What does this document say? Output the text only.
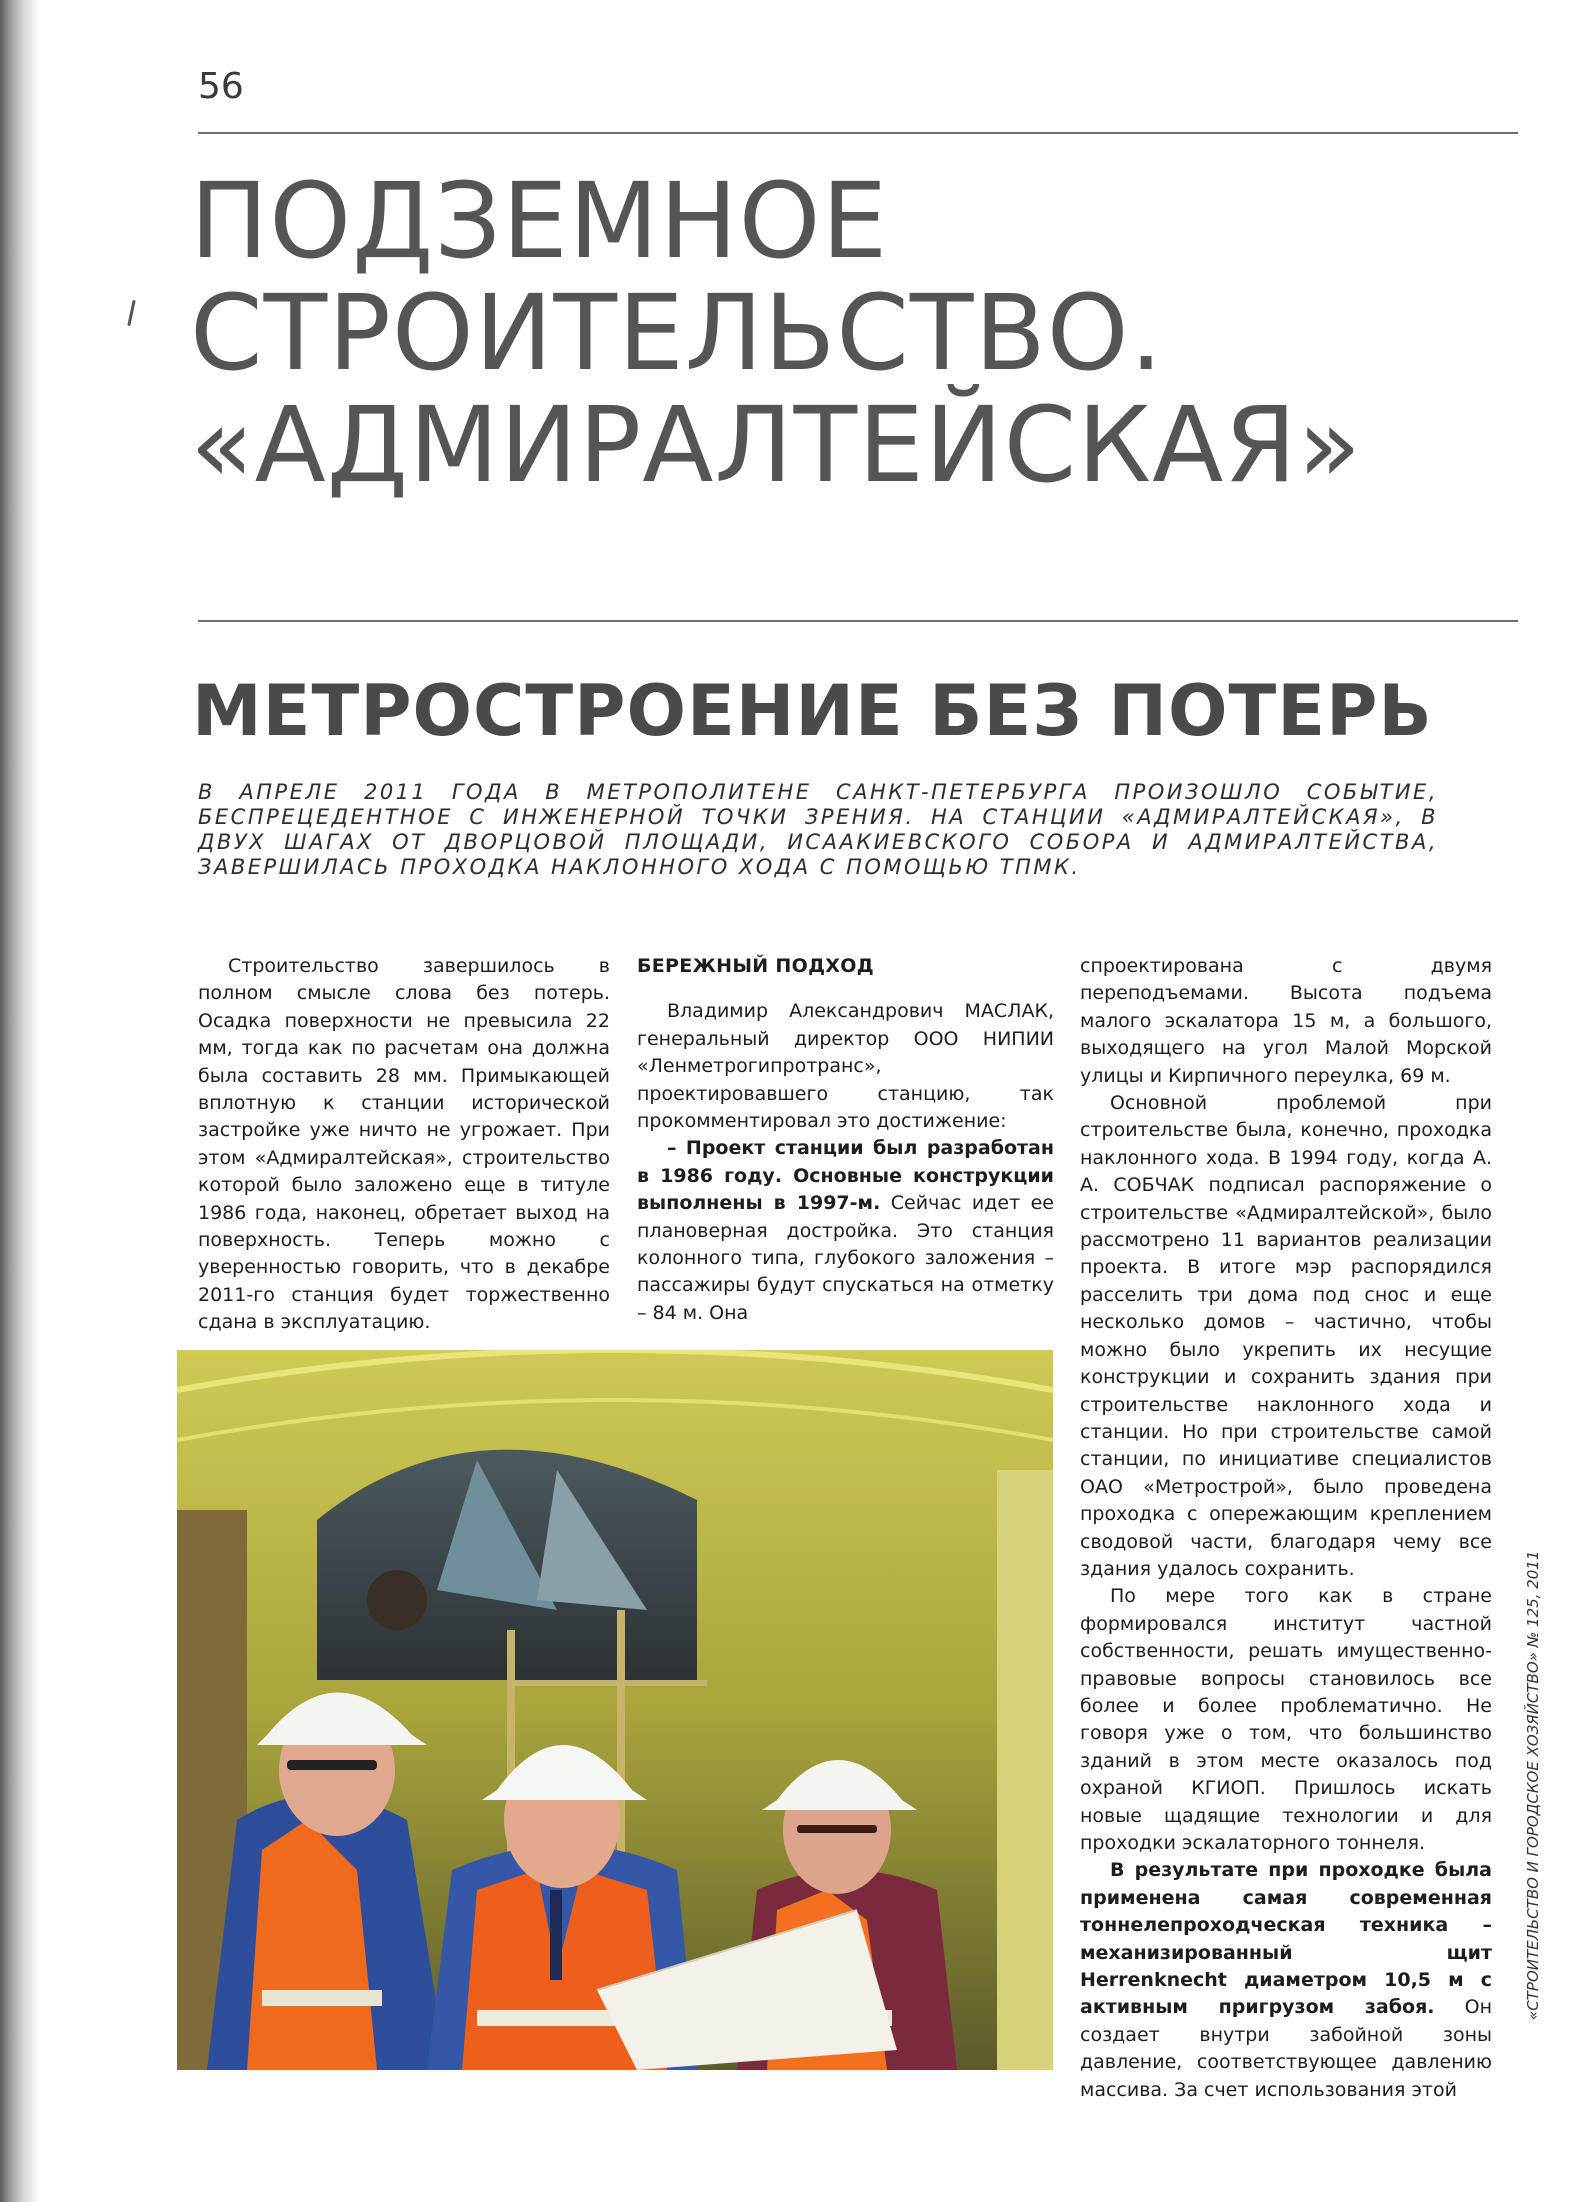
56
ПОДЗЕМНОЕ
СТРОИТЕЛЬСТВО.
«АДМИРАЛТЕЙСКАЯ»
МЕТРОСТРОЕНИЕ БЕЗ ПОТЕРЬ
В АПРЕЛЕ 2011 ГОДА В МЕТРОПОЛИТЕНЕ САНКТ-ПЕТЕРБУРГА ПРОИЗОШЛО СОБЫТИЕ, БЕСПРЕЦЕДЕНТНОЕ С ИНЖЕНЕРНОЙ ТОЧКИ ЗРЕНИЯ. НА СТАНЦИИ «АДМИРАЛТЕЙСКАЯ», В ДВУХ ШАГАХ ОТ ДВОРЦОВОЙ ПЛОЩАДИ, ИСААКИЕВСКОГО СОБОРА И АДМИРАЛТЕЙСТВА, ЗАВЕРШИЛАСЬ ПРОХОДКА НАКЛОННОГО ХОДА С ПОМОЩЬЮ ТПМК.

Строительство завершилось в полном смысле слова без потерь. Осадка поверхности не превысила 22 мм, тогда как по расчетам она должна была составить 28 мм. Примыкающей вплотную к станции исторической застройке уже ничто не угрожает. При этом «Адмиралтейская», строительство которой было заложено еще в титуле 1986 года, наконец, обретает выход на поверхность. Теперь можно с уверенностью говорить, что в декабре 2011-го станция будет торжественно сдана в эксплуатацию.

БЕРЕЖНЫЙ ПОДХОД

Владимир Александрович МАСЛАК, генеральный директор ООО НИПИИ «Ленметрогипротранс», проектировавшего станцию, так прокомментировал это достижение:

– Проект станции был разработан в 1986 году. Основные конструкции выполнены в 1997-м. Сейчас идет ее плановерная достройка. Это станция колонного типа, глубокого заложения – пассажиры будут спускаться на отметку – 84 м. Она

спроектирована с двумя переподъемами. Высота подъема малого эскалатора 15 м, а большого, выходящего на угол Малой Морской улицы и Кирпичного переулка, 69 м.

Основной проблемой при строительстве была, конечно, проходка наклонного хода. В 1994 году, когда А. А. СОБЧАК подписал распоряжение о строительстве «Адмиралтейской», было рассмотрено 11 вариантов реализации проекта. В итоге мэр распорядился расселить три дома под снос и еще несколько домов – частично, чтобы можно было укрепить их несущие конструкции и сохранить здания при строительстве наклонного хода и станции. Но при строительстве самой станции, по инициативе специалистов ОАО «Метрострой», было проведена проходка с опережающим креплением сводовой части, благодаря чему все здания удалось сохранить.

По мере того как в стране формировался институт частной собственности, решать имущественно-правовые вопросы становилось все более и более проблематично. Не говоря уже о том, что большинство зданий в этом месте оказалось под охраной КГИОП. Пришлось искать новые щадящие технологии и для проходки эскалаторного тоннеля.

В результате при проходке была применена самая современная тоннелепроходческая техника – механизированный щит Herrenknecht диаметром 10,5 м с активным пригрузом забоя. Он создает внутри забойной зоны давление, соответствующее давлению массива. За счет использования этой

«СТРОИТЕЛЬСТВО И ГОРОДСКОЕ ХОЗЯЙСТВО» № 125, 2011
